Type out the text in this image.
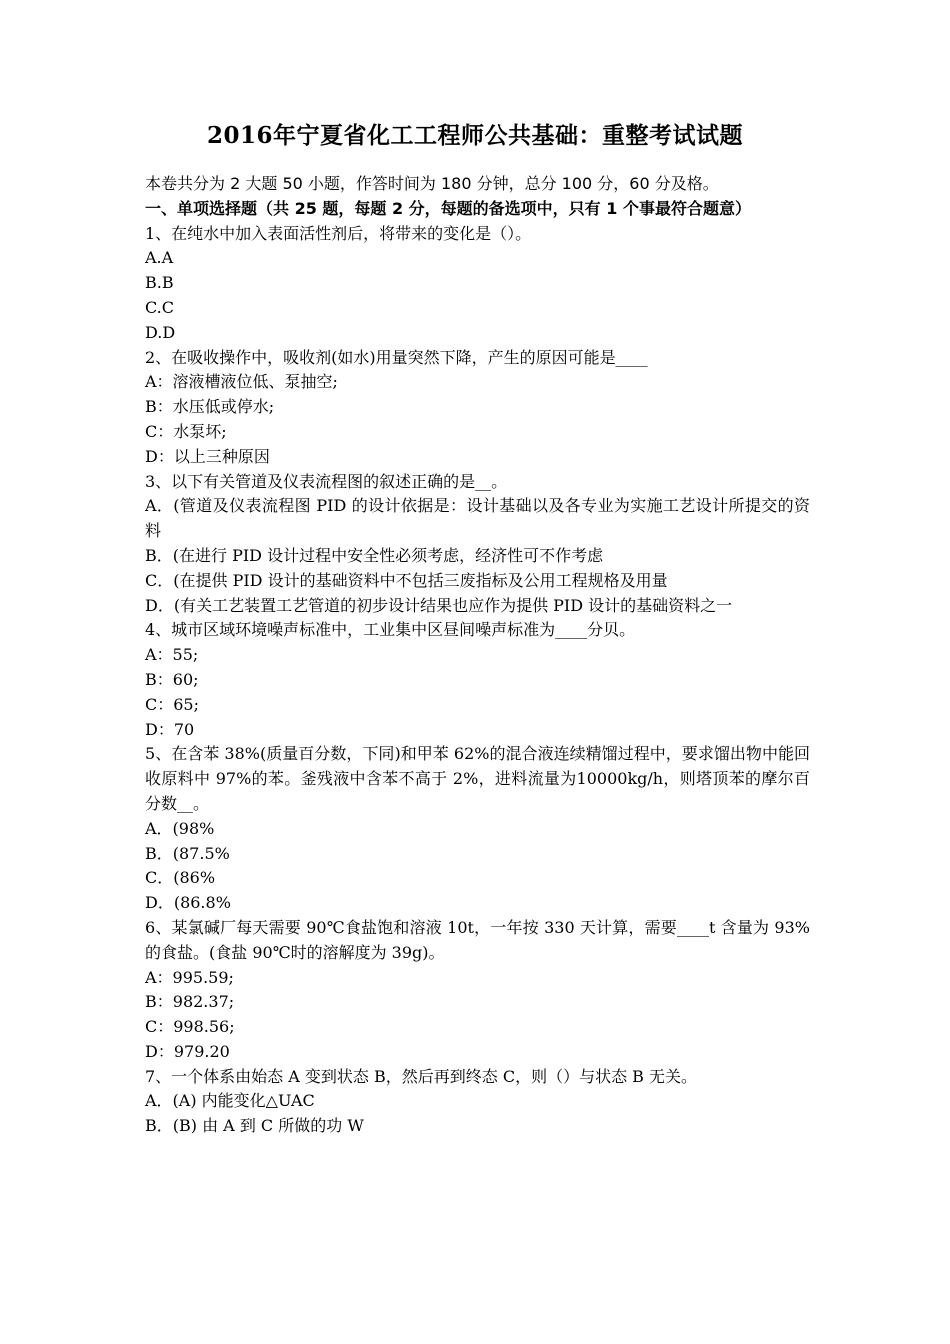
2016年宁夏省化工工程师公共基础：重整考试试题

本卷共分为 2 大题 50 小题，作答时间为 180 分钟，总分 100 分，60 分及格。

一、单项选择题（共 25 题，每题 2 分，每题的备选项中，只有 1 个事最符合题意）

1、在纯水中加入表面活性剂后，将带来的变化是（）。

A.A

B.B

C.C

D.D

2、在吸收操作中，吸收剂(如水)用量突然下降，产生的原因可能是____

A：溶液槽液位低、泵抽空;

B：水压低或停水;

C：水泵坏;

D：以上三种原因

3、以下有关管道及仪表流程图的叙述正确的是__。

A．(管道及仪表流程图 PID 的设计依据是：设计基础以及各专业为实施工艺设计所提交的资料

B．(在进行 PID 设计过程中安全性必须考虑，经济性可不作考虑

C．(在提供 PID 设计的基础资料中不包括三废指标及公用工程规格及用量

D．(有关工艺装置工艺管道的初步设计结果也应作为提供 PID 设计的基础资料之一

4、城市区域环境噪声标准中，工业集中区昼间噪声标准为____分贝。

A：55;

B：60;

C：65;

D：70

5、在含苯 38%(质量百分数，下同)和甲苯 62%的混合液连续精馏过程中，要求馏出物中能回收原料中 97%的苯。釜残液中含苯不高于 2%，进料流量为10000kg/h，则塔顶苯的摩尔百分数__。

A．(98%

B．(87.5%

C．(86%

D．(86.8%

6、某氯碱厂每天需要 90℃食盐饱和溶液 10t，一年按 330 天计算，需要____t 含量为 93%的食盐。(食盐 90℃时的溶解度为 39g)。

A：995.59;

B：982.37;

C：998.56;

D：979.20

7、一个体系由始态 A 变到状态 B，然后再到终态 C，则（）与状态 B 无关。

A．(A) 内能变化△UAC

B．(B) 由 A 到 C 所做的功 W
